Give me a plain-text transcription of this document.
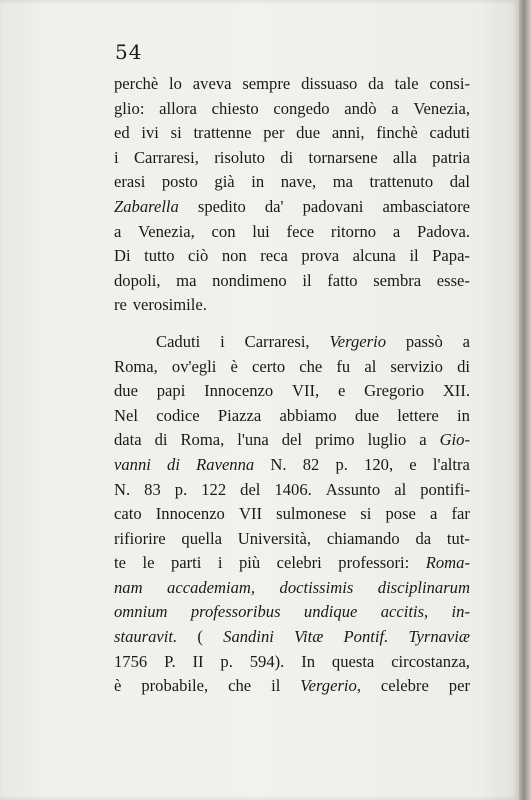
54
perchè lo aveva sempre dissuaso da tale consi-
glio: allora chiesto congedo andò a Venezia,
ed ivi si trattenne per due anni, finchè caduti
i Carraresi, risoluto di tornarsene alla patria
erasi posto già in nave, ma trattenuto dal
Zabarella spedito da' padovani ambasciatore
a Venezia, con lui fece ritorno a Padova.
Di tutto ciò non reca prova alcuna il Papa-
dopoli, ma nondimeno il fatto sembra esse-
re verosimile.
Caduti i Carraresi, Vergerio passò a
Roma, ov'egli è certo che fu al servizio di
due papi Innocenzo VII, e Gregorio XII.
Nel codice Piazza abbiamo due lettere in
data di Roma, l'una del primo luglio a Gio-
vanni di Ravenna N. 82 p. 120, e l'altra
N. 83 p. 122 del 1406. Assunto al pontifi-
cato Innocenzo VII sulmonese si pose a far
rifiorire quella Università, chiamando da tut-
te le parti i più celebri professori: Roma-
nam accademiam, doctissimis disciplinarum
omnium professoribus undique accitis, in-
stauravit. ( Sandini Vitæ Pontif. Tyrnaviæ
1756 P. II p. 594). In questa circostanza,
è probabile, che il Vergerio, celebre per
